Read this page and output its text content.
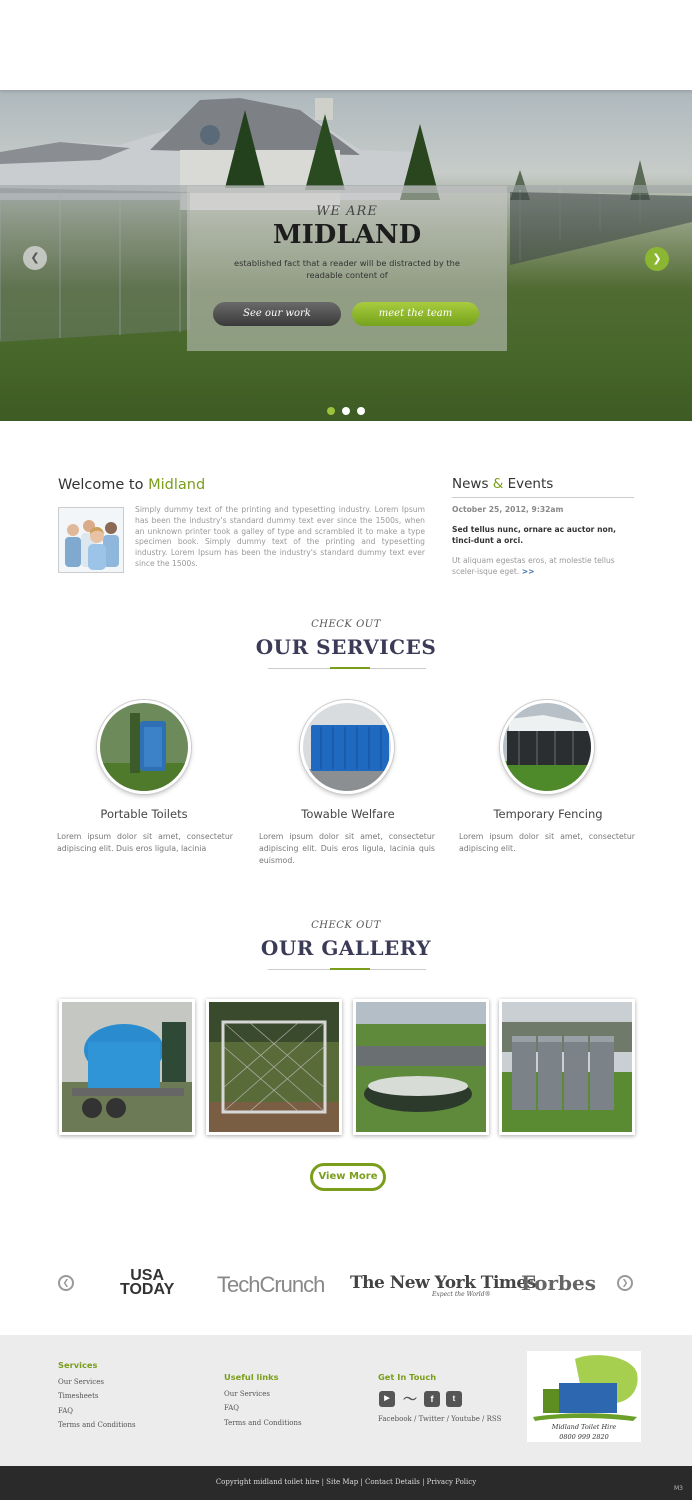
WE ARE
MIDLAND
established fact that a reader will be distracted by the readable content of
See our work	meet the team
❮	❯
Welcome to Midland
Simply dummy text of the printing and typesetting industry. Lorem Ipsum has been the industry's standard dummy text ever since the 1500s, when an unknown printer took a galley of type and scrambled it to make a type specimen book. Simply dummy text of the printing and typesetting industry. Lorem Ipsum has been the industry's standard dummy text ever since the 1500s.
News & Events
October 25, 2012, 9:32am
Sed tellus nunc, ornare ac auctor non, tinci-dunt a orci.
Ut aliquam egestas eros, at molestie tellus sceler-isque eget. >>
CHECK OUT
OUR SERVICES
Portable Toilets	Towable Welfare	Temporary Fencing
Lorem ipsum dolor sit amet, consectetur adipiscing elit. Duis eros ligula, lacinia
Lorem ipsum dolor sit amet, consectetur adipiscing elit. Duis eros ligula, lacinia quis euismod.
Lorem ipsum dolor sit amet, consectetur adipiscing elit.
CHECK OUT
OUR GALLERY
View More
❮	USA
TODAY TechCrunch The New York Times
Expect the World® Forbes	❯
Services
Our Services
Timesheets
FAQ
Terms and Conditions
Useful links
Our Services
FAQ
Terms and Conditions
Get In Touch
▶ 〜	f	t
Facebook / Twitter / Youtube / RSS
Midland Toilet Hire
0800 999 2820
Copyright midland toilet hire | Site Map | Contact Details | Privacy Policy
M3
